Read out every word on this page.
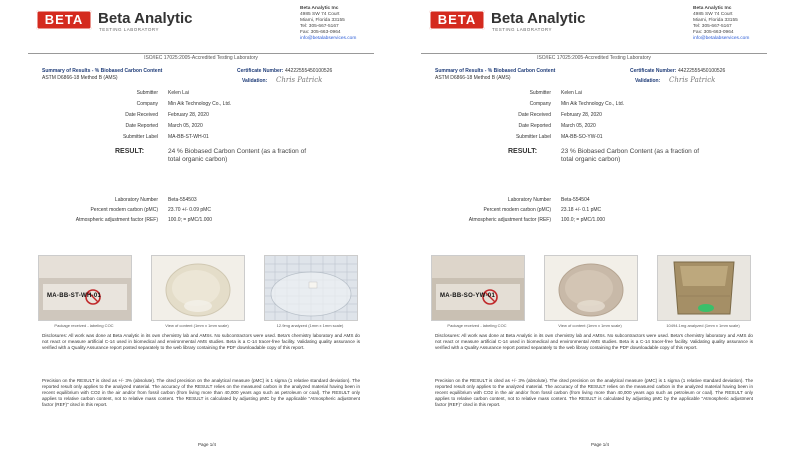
BETA Beta Analytic
TESTING LABORATORY
Beta Analytic Inc
4985 SW 74 Court
Miami, Florida 33155
Tel: 305-667-5167
Fax: 305-663-0964
info@betalabservices.com
ISO/IEC 17025:2005-Accredited Testing Laboratory
Summary of Results - % Biobased Carbon Content
ASTM D6866-18 Method B (AMS)
Certificate Number: 44222555450100526
Validation: Chris Patrick
Submitter Kelen Lai
Company Min Aik Technology Co., Ltd.
Date Received February 28, 2020
Date Reported March 05, 2020
Submitter Label MA-BB-ST-WH-01
RESULT:	24 % Biobased Carbon Content (as a fraction of total organic carbon)
Laboratory Number Beta-554503
Percent modern carbon (pMC) 23.70 +/- 0.09 pMC
Atmospheric adjustment factor (REF) 100.0; = pMC/1.000
MA-BB-ST-WH-01
Package received - labeling COC	View of content (1mm x 1mm scale)	12.9mg analyzed (1mm x 1mm scale)
Disclosures: All work was done at Beta Analytic in its own chemistry lab and AMSs. No subcontractors were used. Beta's chemistry laboratory and AMS do not react or measure artificial C-14 used in biomedical and environmental AMS studies. Beta is a C-14 tracer-free facility. Validating quality assurance is verified with a Quality Assurance report posted separately to the web library containing the PDF downloadable copy of this report.
Precision on the RESULT is cited as +/- 3% (absolute). The cited precision on the analytical measure (pMC) is 1 sigma (1 relative standard deviation). The reported result only applies to the analyzed material. The accuracy of the RESULT relies on the measured carbon in the analyzed material having been in recent equilibrium with CO2 in the air and/or from fossil carbon (from living more than 40,000 years ago such as petroleum or coal). The RESULT only applies to relative carbon content, not to relative mass content. The RESULT is calculated by adjusting pMC by the applicable "Atmospheric adjustment factor (REF)" cited in this report.
Page 1/4
BETA Beta Analytic
TESTING LABORATORY
Beta Analytic Inc
4985 SW 74 Court
Miami, Florida 33155
Tel: 305-667-5167
Fax: 305-663-0964
info@betalabservices.com
ISO/IEC 17025:2005-Accredited Testing Laboratory
Summary of Results - % Biobased Carbon Content
ASTM D6866-18 Method B (AMS)
Certificate Number: 44222555450100526
Validation: Chris Patrick
Submitter Kelen Lai
Company Min Aik Technology Co., Ltd.
Date Received February 28, 2020
Date Reported March 05, 2020
Submitter Label MA-BB-SO-YW-01
RESULT:	23 % Biobased Carbon Content (as a fraction of total organic carbon)
Laboratory Number Beta-554504
Percent modern carbon (pMC) 23.18 +/- 0.1 pMC
Atmospheric adjustment factor (REF) 100.0; = pMC/1.000
MA-BB-SO-YW-01
Package received - labeling COC	View of content (1mm x 1mm scale)	10494.1mg analyzed (1mm x 1mm scale)
Disclosures: All work was done at Beta Analytic in its own chemistry lab and AMSs. No subcontractors were used. Beta's chemistry laboratory and AMS do not react or measure artificial C-14 used in biomedical and environmental AMS studies. Beta is a C-14 tracer-free facility. Validating quality assurance is verified with a Quality Assurance report posted separately to the web library containing the PDF downloadable copy of this report.
Precision on the RESULT is cited as +/- 3% (absolute). The cited precision on the analytical measure (pMC) is 1 sigma (1 relative standard deviation). The reported result only applies to the analyzed material. The accuracy of the RESULT relies on the measured carbon in the analyzed material having been in recent equilibrium with CO2 in the air and/or from fossil carbon (from living more than 40,000 years ago such as petroleum or coal). The RESULT only applies to relative carbon content, not to relative mass content. The RESULT is calculated by adjusting pMC by the applicable "Atmospheric adjustment factor (REF)" cited in this report.
Page 1/4
